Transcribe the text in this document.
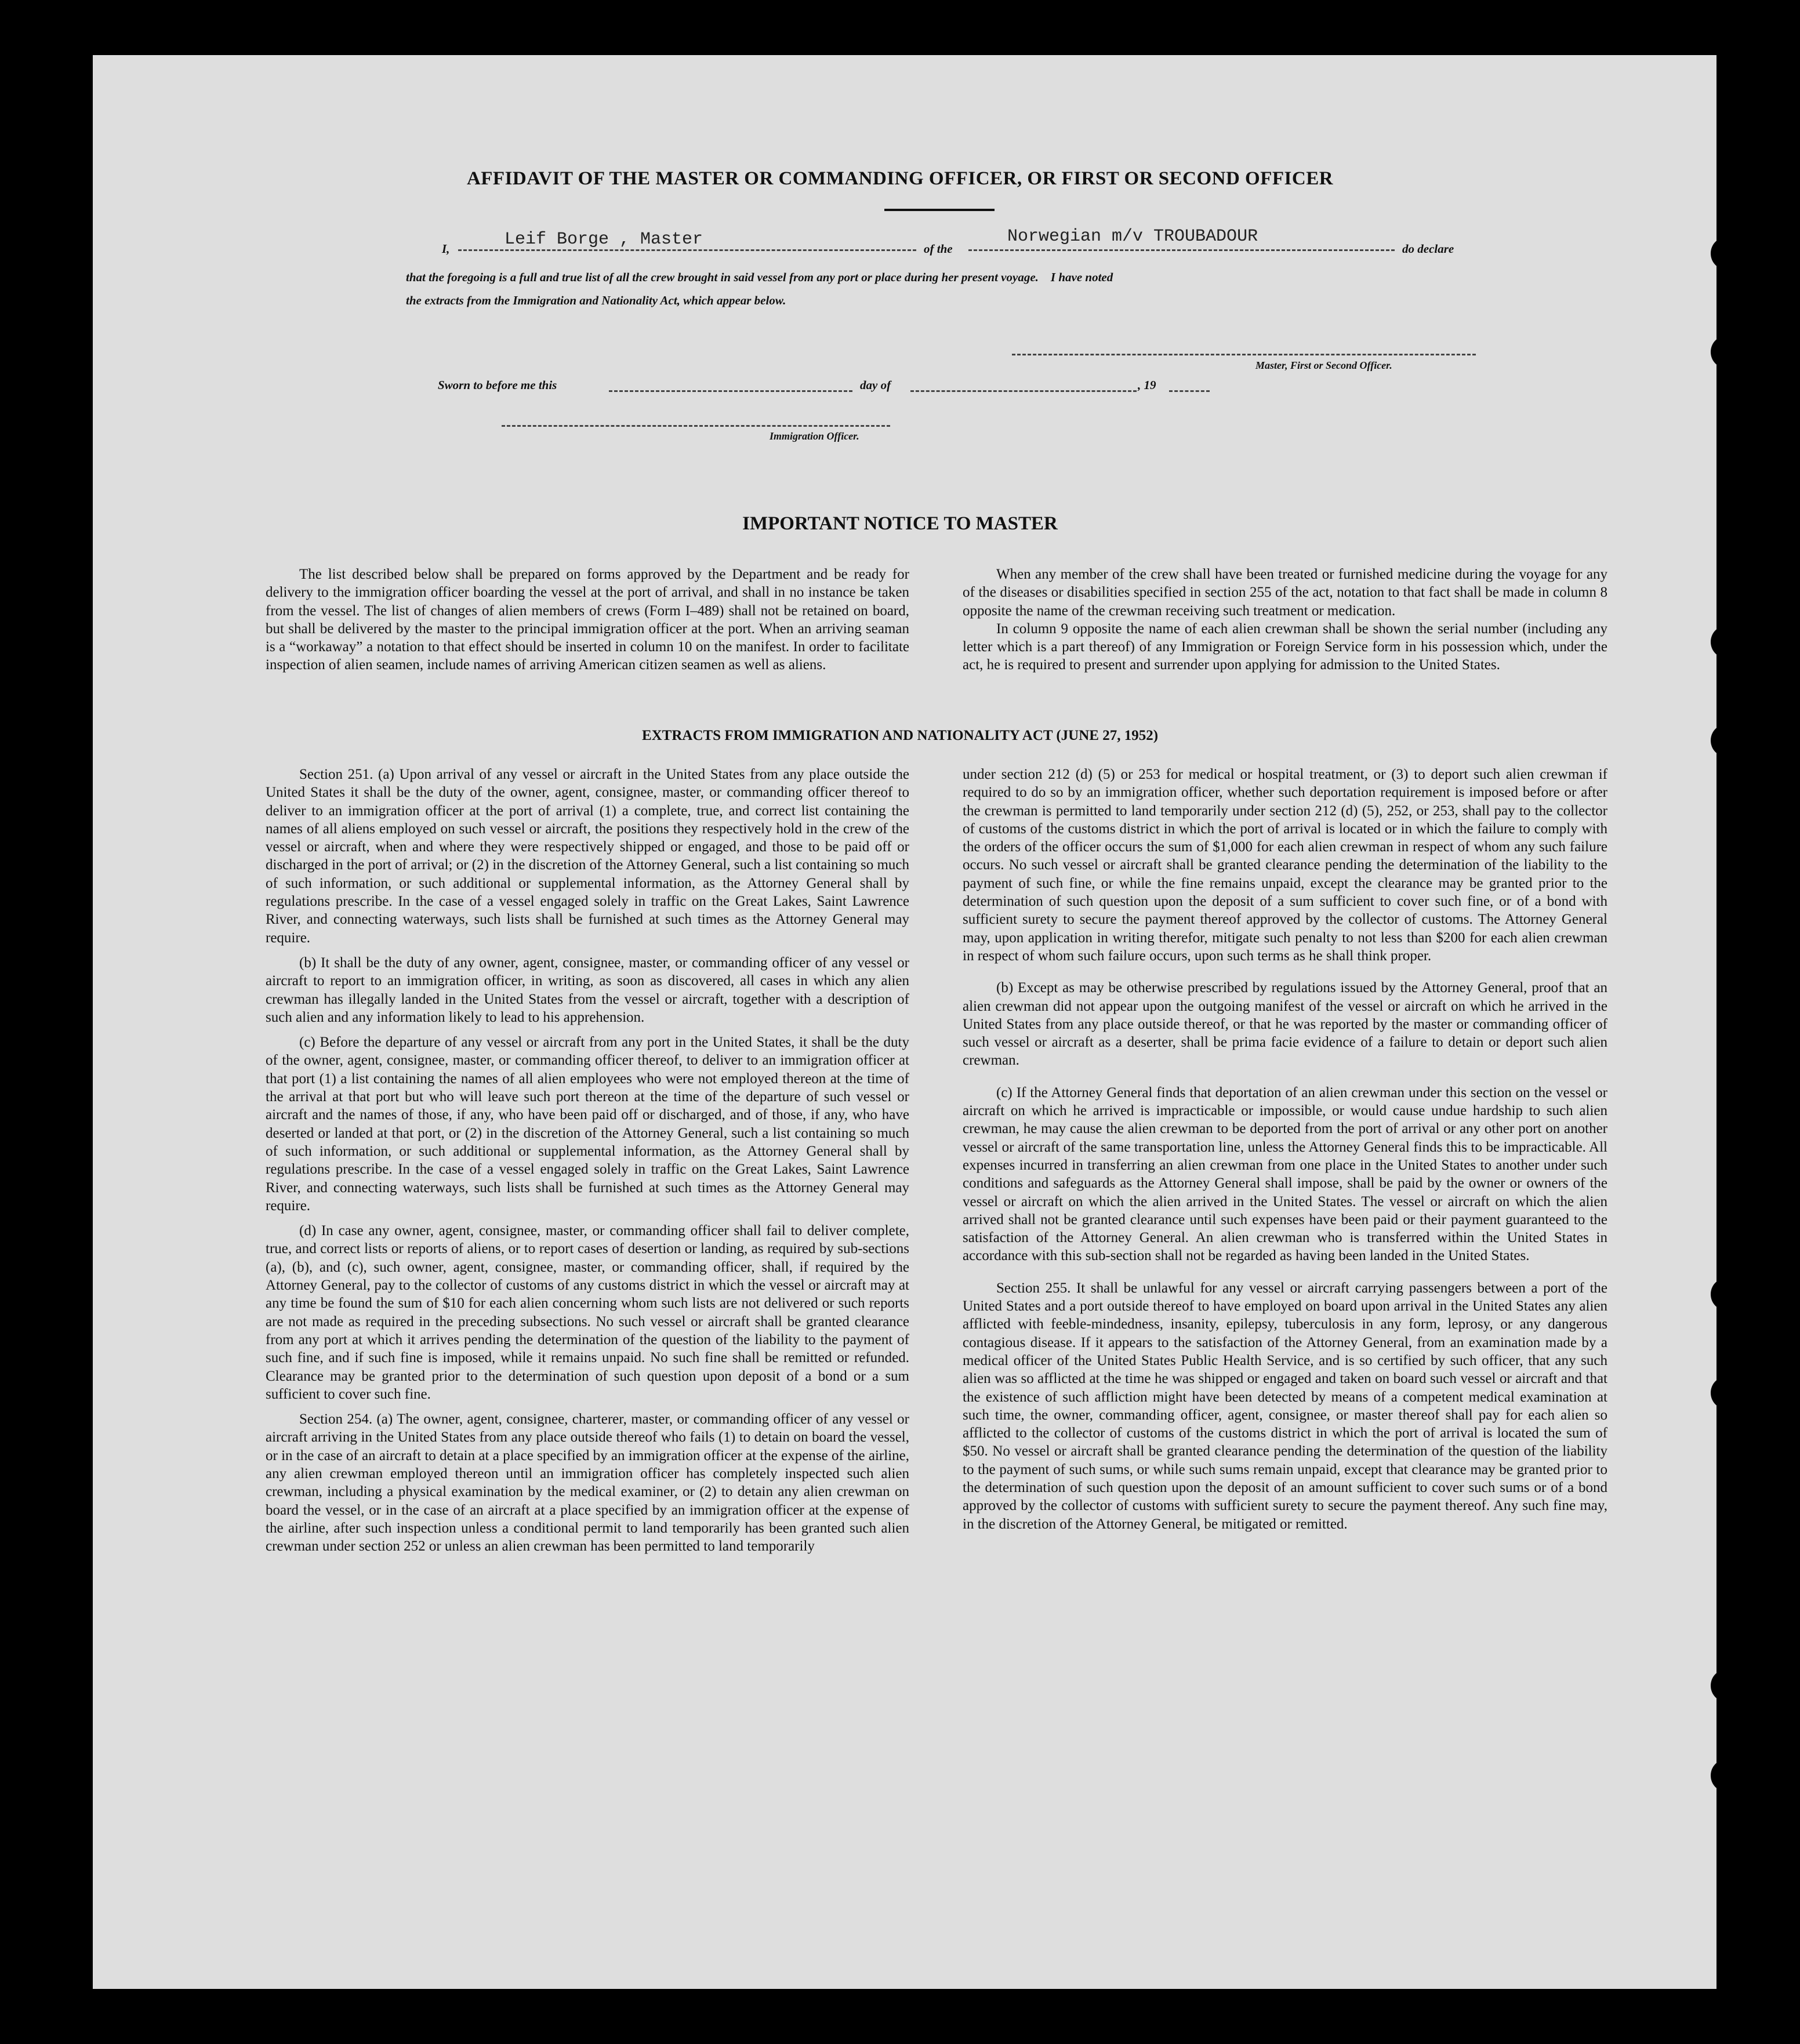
AFFIDAVIT OF THE MASTER OR COMMANDING OFFICER, OR FIRST OR SECOND OFFICER
I,	Leif Borge , Master	of the
Norwegian m/v TROUBADOUR
do declare
that the foregoing is a full and true list of all the crew brought in said vessel from any port or place during her present voyage.    I have noted
the extracts from the Immigration and Nationality Act, which appear below.
Master, First or Second Officer.
Sworn to before me this	day of	, 19
Immigration Officer.
IMPORTANT NOTICE TO MASTER

The list described below shall be prepared on forms approved by the Department and be ready for delivery to the immigration officer boarding the vessel at the port of arrival, and shall in no instance be taken from the vessel. The list of changes of alien members of crews (Form I–489) shall not be retained on board, but shall be delivered by the master to the principal immigration officer at the port. When an arriving seaman is a “workaway” a notation to that effect should be inserted in column 10 on the manifest. In order to facilitate inspection of alien seamen, include names of arriving American citizen seamen as well as aliens.

When any member of the crew shall have been treated or furnished medicine during the voyage for any of the diseases or disabilities specified in section 255 of the act, notation to that fact shall be made in column 8 opposite the name of the crewman receiving such treatment or medication.

In column 9 opposite the name of each alien crewman shall be shown the serial number (including any letter which is a part thereof) of any Immigration or Foreign Service form in his possession which, under the act, he is required to present and surrender upon applying for admission to the United States.

EXTRACTS FROM IMMIGRATION AND NATIONALITY ACT (JUNE 27, 1952)

Section 251. (a) Upon arrival of any vessel or aircraft in the United States from any place outside the United States it shall be the duty of the owner, agent, consignee, master, or commanding officer thereof to deliver to an immigration officer at the port of arrival (1) a complete, true, and correct list containing the names of all aliens employed on such vessel or aircraft, the positions they respectively hold in the crew of the vessel or aircraft, when and where they were respectively shipped or engaged, and those to be paid off or discharged in the port of arrival; or (2) in the discretion of the Attorney General, such a list containing so much of such information, or such additional or supplemental information, as the Attorney General shall by regulations prescribe. In the case of a vessel engaged solely in traffic on the Great Lakes, Saint Lawrence River, and connecting waterways, such lists shall be furnished at such times as the Attorney General may require.

(b) It shall be the duty of any owner, agent, consignee, master, or commanding officer of any vessel or aircraft to report to an immigration officer, in writing, as soon as discovered, all cases in which any alien crewman has illegally landed in the United States from the vessel or aircraft, together with a description of such alien and any information likely to lead to his apprehension.

(c) Before the departure of any vessel or aircraft from any port in the United States, it shall be the duty of the owner, agent, consignee, master, or commanding officer thereof, to deliver to an immigration officer at that port (1) a list containing the names of all alien employees who were not employed thereon at the time of the arrival at that port but who will leave such port thereon at the time of the departure of such vessel or aircraft and the names of those, if any, who have been paid off or discharged, and of those, if any, who have deserted or landed at that port, or (2) in the discretion of the Attorney General, such a list containing so much of such information, or such additional or supplemental information, as the Attorney General shall by regulations prescribe. In the case of a vessel engaged solely in traffic on the Great Lakes, Saint Lawrence River, and connecting waterways, such lists shall be furnished at such times as the Attorney General may require.

(d) In case any owner, agent, consignee, master, or commanding officer shall fail to deliver complete, true, and correct lists or reports of aliens, or to report cases of desertion or landing, as required by sub-sections (a), (b), and (c), such owner, agent, consignee, master, or commanding officer, shall, if required by the Attorney General, pay to the collector of customs of any customs district in which the vessel or aircraft may at any time be found the sum of $10 for each alien concerning whom such lists are not delivered or such reports are not made as required in the preceding subsections. No such vessel or aircraft shall be granted clearance from any port at which it arrives pending the determination of the question of the liability to the payment of such fine, and if such fine is imposed, while it remains unpaid. No such fine shall be remitted or refunded. Clearance may be granted prior to the determination of such question upon deposit of a bond or a sum sufficient to cover such fine.

Section 254. (a) The owner, agent, consignee, charterer, master, or commanding officer of any vessel or aircraft arriving in the United States from any place outside thereof who fails (1) to detain on board the vessel, or in the case of an aircraft to detain at a place specified by an immigration officer at the expense of the airline, any alien crewman employed thereon until an immigration officer has completely inspected such alien crewman, including a physical examination by the medical examiner, or (2) to detain any alien crewman on board the vessel, or in the case of an aircraft at a place specified by an immigration officer at the expense of the airline, after such inspection unless a conditional permit to land temporarily has been granted such alien crewman under section 252 or unless an alien crewman has been permitted to land temporarily

under section 212 (d) (5) or 253 for medical or hospital treatment, or (3) to deport such alien crewman if required to do so by an immigration officer, whether such deportation requirement is imposed before or after the crewman is permitted to land temporarily under section 212 (d) (5), 252, or 253, shall pay to the collector of customs of the customs district in which the port of arrival is located or in which the failure to comply with the orders of the officer occurs the sum of $1,000 for each alien crewman in respect of whom any such failure occurs. No such vessel or aircraft shall be granted clearance pending the determination of the liability to the payment of such fine, or while the fine remains unpaid, except the clearance may be granted prior to the determination of such question upon the deposit of a sum sufficient to cover such fine, or of a bond with sufficient surety to secure the payment thereof approved by the collector of customs. The Attorney General may, upon application in writing therefor, mitigate such penalty to not less than $200 for each alien crewman in respect of whom such failure occurs, upon such terms as he shall think proper.

(b) Except as may be otherwise prescribed by regulations issued by the Attorney General, proof that an alien crewman did not appear upon the outgoing manifest of the vessel or aircraft on which he arrived in the United States from any place outside thereof, or that he was reported by the master or commanding officer of such vessel or aircraft as a deserter, shall be prima facie evidence of a failure to detain or deport such alien crewman.

(c) If the Attorney General finds that deportation of an alien crewman under this section on the vessel or aircraft on which he arrived is impracticable or impossible, or would cause undue hardship to such alien crewman, he may cause the alien crewman to be deported from the port of arrival or any other port on another vessel or aircraft of the same transportation line, unless the Attorney General finds this to be impracticable. All expenses incurred in transferring an alien crewman from one place in the United States to another under such conditions and safeguards as the Attorney General shall impose, shall be paid by the owner or owners of the vessel or aircraft on which the alien arrived in the United States. The vessel or aircraft on which the alien arrived shall not be granted clearance until such expenses have been paid or their payment guaranteed to the satisfaction of the Attorney General. An alien crewman who is transferred within the United States in accordance with this sub-section shall not be regarded as having been landed in the United States.

Section 255. It shall be unlawful for any vessel or aircraft carrying passengers between a port of the United States and a port outside thereof to have employed on board upon arrival in the United States any alien afflicted with feeble-mindedness, insanity, epilepsy, tuberculosis in any form, leprosy, or any dangerous contagious disease. If it appears to the satisfaction of the Attorney General, from an examination made by a medical officer of the United States Public Health Service, and is so certified by such officer, that any such alien was so afflicted at the time he was shipped or engaged and taken on board such vessel or aircraft and that the existence of such affliction might have been detected by means of a competent medical examination at such time, the owner, commanding officer, agent, consignee, or master thereof shall pay for each alien so afflicted to the collector of customs of the customs district in which the port of arrival is located the sum of $50. No vessel or aircraft shall be granted clearance pending the determination of the question of the liability to the payment of such sums, or while such sums remain unpaid, except that clearance may be granted prior to the determination of such question upon the deposit of an amount sufficient to cover such sums or of a bond approved by the collector of customs with sufficient surety to secure the payment thereof. Any such fine may, in the discretion of the Attorney General, be mitigated or remitted.
